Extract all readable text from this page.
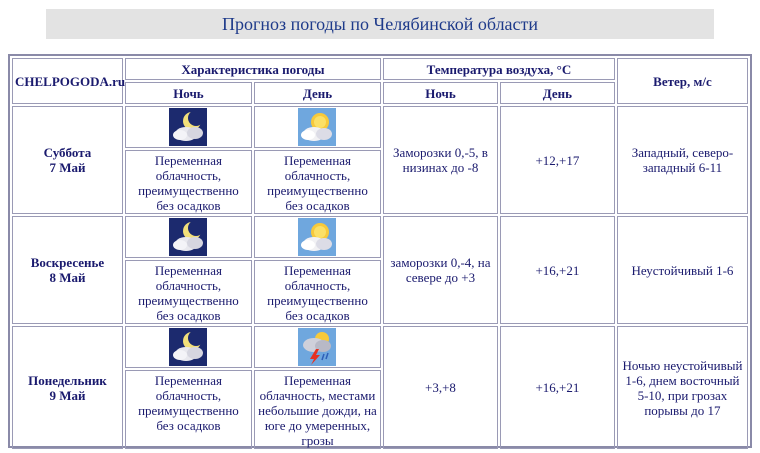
Прогноз погоды по Челябинской области
CHELPOGODA.ru	Характеристика погоды		Температура воздуха, °С		Ветер, м/с
	Ночь	День	Ночь	День	
Суббота
7 Май			Заморозки 0,-5, в низинах до -8	+12,+17	Западный, северо-западный 6-11
	Переменная облачность, преимущественно без осадков	Переменная облачность, преимущественно без осадков			
Воскресенье
8 Май			заморозки 0,-4, на севере до +3	+16,+21	Неустойчивый 1-6
	Переменная облачность, преимущественно без осадков	Переменная облачность, преимущественно без осадков			
Понедельник
9 Май			+3,+8	+16,+21	Ночью неустойчивый 1-6, днем восточный 5-10, при грозах порывы до 17
	Переменная облачность, преимущественно без осадков	Переменная облачность, местами небольшие дожди, на юге до умеренных, грозы			
